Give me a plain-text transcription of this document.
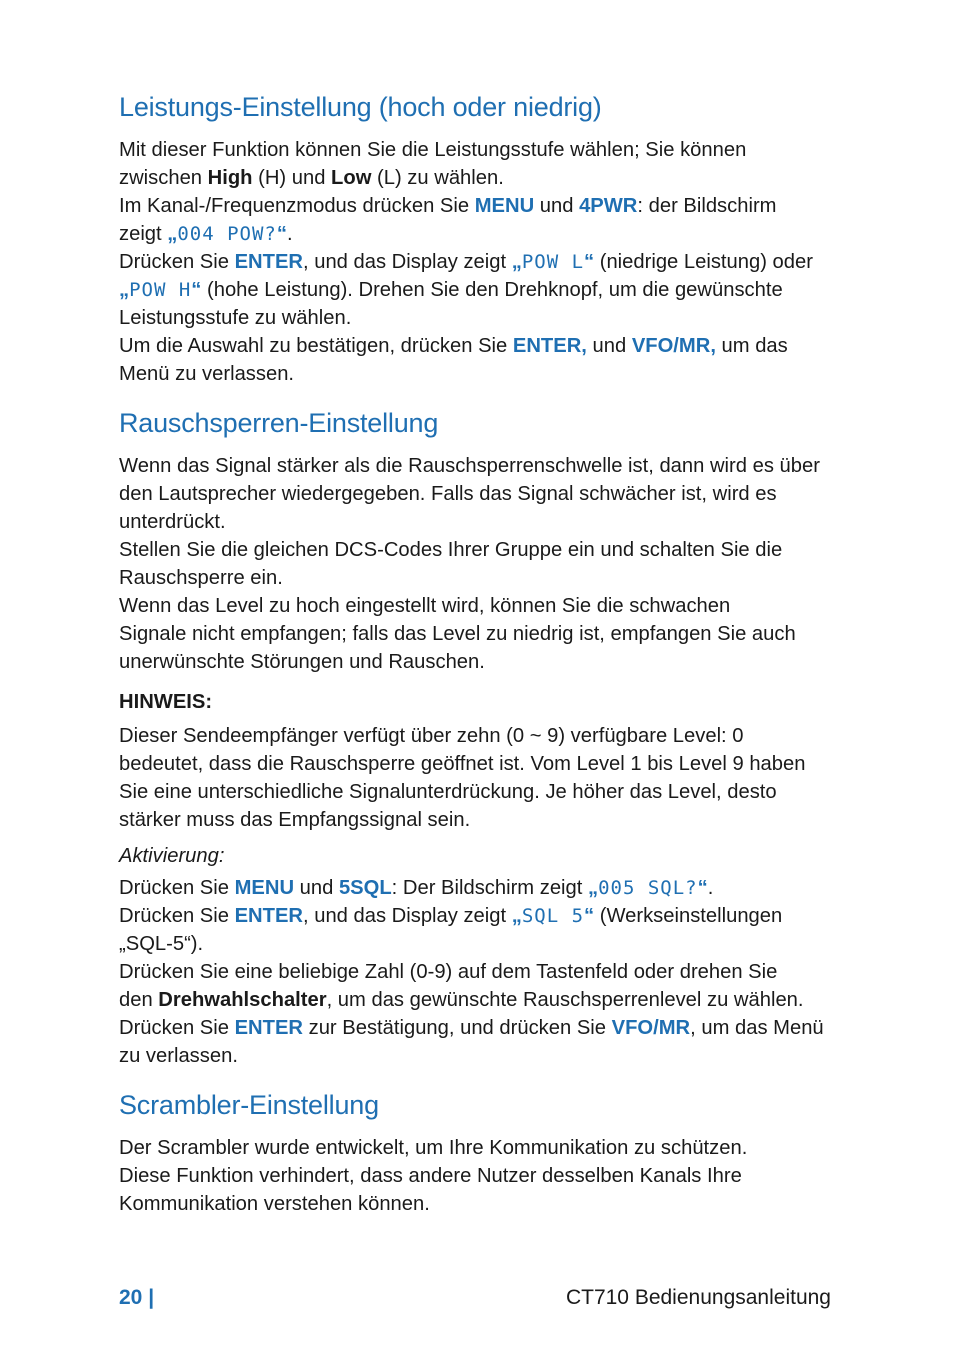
Leistungs-Einstellung (hoch oder niedrig)

Mit dieser Funktion können Sie die Leistungsstufe wählen; Sie können

zwischen High (H) und Low (L) zu wählen.

Im Kanal-/Frequenzmodus drücken Sie MENU und 4PWR: der Bildschirm

zeigt „004 POW?“.

Drücken Sie ENTER, und das Display zeigt „POW L“ (niedrige Leistung) oder

„POW H“ (hohe Leistung). Drehen Sie den Drehknopf, um die gewünschte

Leistungsstufe zu wählen.

Um die Auswahl zu bestätigen, drücken Sie ENTER, und VFO/MR, um das

Menü zu verlassen.

Rauschsperren-Einstellung

Wenn das Signal stärker als die Rauschsperrenschwelle ist, dann wird es über

den Lautsprecher wiedergegeben. Falls das Signal schwächer ist, wird es

unterdrückt.

Stellen Sie die gleichen DCS-Codes Ihrer Gruppe ein und schalten Sie die

Rauschsperre ein.

Wenn das Level zu hoch eingestellt wird, können Sie die schwachen

Signale nicht empfangen; falls das Level zu niedrig ist, empfangen Sie auch

unerwünschte Störungen und Rauschen.

HINWEIS:

Dieser Sendeempfänger verfügt über zehn (0 ~ 9) verfügbare Level: 0

bedeutet, dass die Rauschsperre geöffnet ist. Vom Level 1 bis Level 9 haben

Sie eine unterschiedliche Signalunterdrückung. Je höher das Level, desto

stärker muss das Empfangssignal sein.

Aktivierung:

Drücken Sie MENU und 5SQL: Der Bildschirm zeigt „005 SQL?“.

Drücken Sie ENTER, und das Display zeigt „SQL 5“ (Werkseinstellungen

„SQL-5“).

Drücken Sie eine beliebige Zahl (0-9) auf dem Tastenfeld oder drehen Sie

den Drehwahlschalter, um das gewünschte Rauschsperrenlevel zu wählen.

Drücken Sie ENTER zur Bestätigung, und drücken Sie VFO/MR, um das Menü

zu verlassen.

Scrambler-Einstellung

Der Scrambler wurde entwickelt, um Ihre Kommunikation zu schützen.

Diese Funktion verhindert, dass andere Nutzer desselben Kanals Ihre

Kommunikation verstehen können.

20 |	CT710 Bedienungsanleitung
